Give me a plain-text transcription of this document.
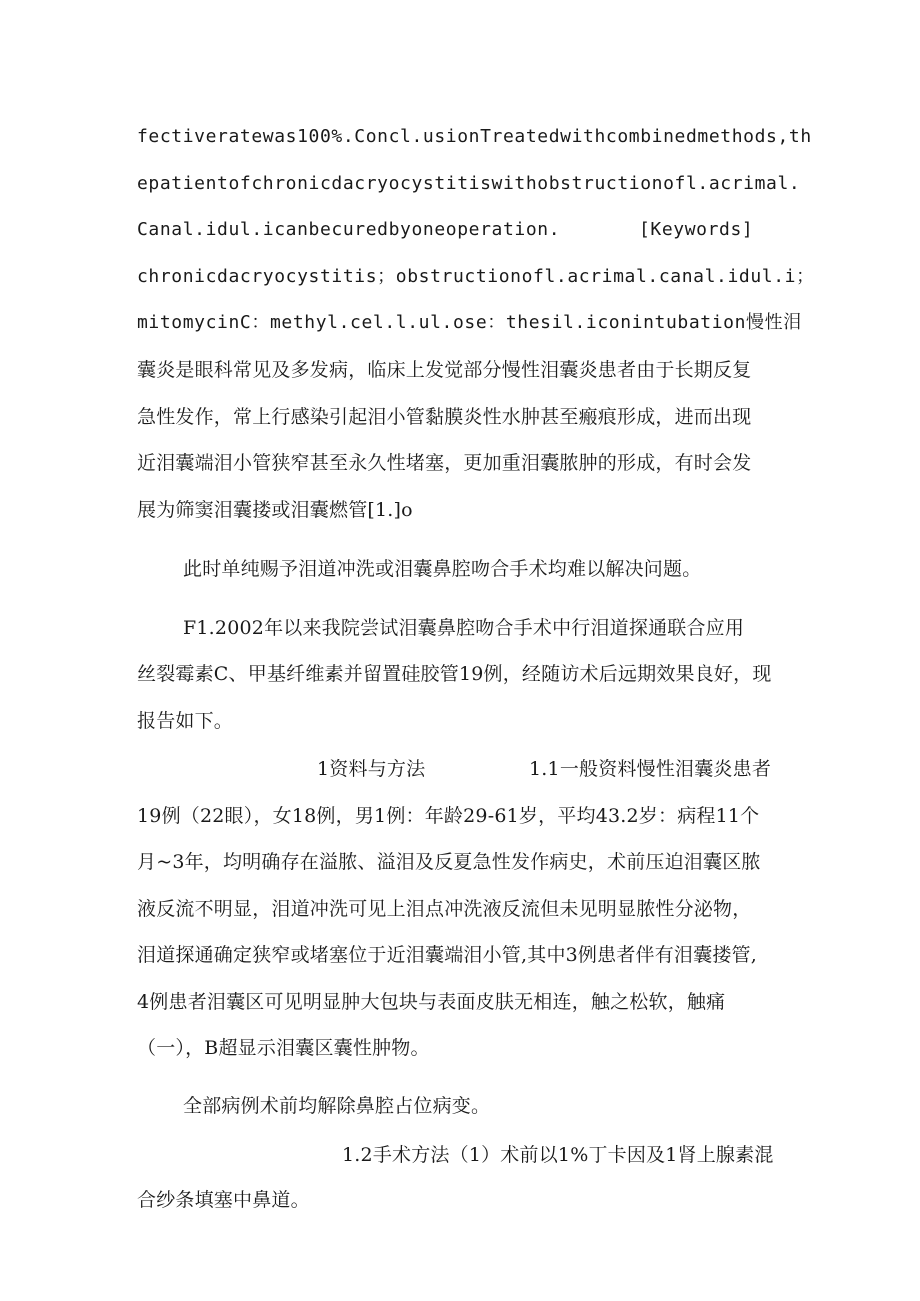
fectiveratewas100%.Concl.usionTreatedwithcombinedmethods,th
epatientofchronicdacryocystitiswithobstructionofl.acrimal.
Canal.idul.icanbecuredbyoneoperation.	[Keywords]
chronicdacryocystitis；obstructionofl.acrimal.canal.idul.i；
mitomycinC：methyl.cel.l.ul.ose：thesil.iconintubation慢性泪
囊炎是眼科常见及多发病，临床上发觉部分慢性泪囊炎患者由于长期反复
急性发作，常上行感染引起泪小管黏膜炎性水肿甚至瘢痕形成，进而出现
近泪囊端泪小管狭窄甚至永久性堵塞，更加重泪囊脓肿的形成，有时会发
展为筛窦泪囊搂或泪囊燃管[1.]o
此时单纯赐予泪道冲洗或泪囊鼻腔吻合手术均难以解决问题。
F1.2002年以来我院尝试泪囊鼻腔吻合手术中行泪道探通联合应用
丝裂霉素C、甲基纤维素并留置硅胶管19例，经随访术后远期效果良好，现
报告如下。
1资料与方法	1.1一般资料慢性泪囊炎患者
19例（22眼），女18例，男1例：年龄29-61岁，平均43.2岁：病程11个
月~3年，均明确存在溢脓、溢泪及反夏急性发作病史，术前压迫泪囊区脓
液反流不明显，泪道冲洗可见上泪点冲洗液反流但未见明显脓性分泌物，
泪道探通确定狭窄或堵塞位于近泪囊端泪小管,其中3例患者伴有泪囊搂管,
4例患者泪囊区可见明显肿大包块与表面皮肤无相连，触之松软，触痛
（一），B超显示泪囊区囊性肿物。
全部病例术前均解除鼻腔占位病变。
1.2手术方法（1）术前以1%丁卡因及1肾上腺素混
合纱条填塞中鼻道。
